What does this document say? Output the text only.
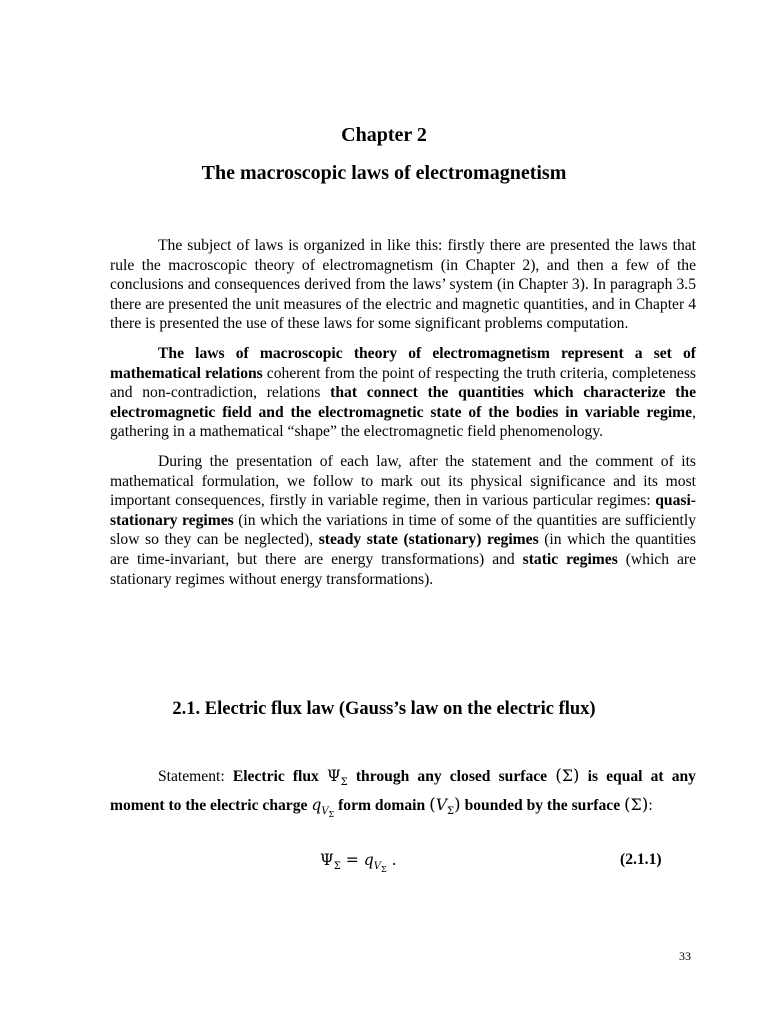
Chapter 2
The macroscopic laws of electromagnetism

The subject of laws is organized in like this: firstly there are presented the laws that rule the macroscopic theory of electromagnetism (in Chapter 2), and then a few of the conclusions and consequences derived from the laws’ system (in Chapter 3). In paragraph 3.5 there are presented the unit measures of the electric and magnetic quantities, and in Chapter 4 there is presented the use of these laws for some significant problems computation.

The laws of macroscopic theory of electromagnetism represent a set of mathematical relations coherent from the point of respecting the truth criteria, completeness and non-contradiction, relations that connect the quantities which characterize the electromagnetic field and the electromagnetic state of the bodies in variable regime, gathering in a mathematical “shape” the electromagnetic field phenomenology.

During the presentation of each law, after the statement and the comment of its mathematical formulation, we follow to mark out its physical significance and its most important consequences, firstly in variable regime, then in various particular regimes: quasi-stationary regimes (in which the variations in time of some of the quantities are sufficiently slow so they can be neglected), steady state (stationary) regimes (in which the quantities are time-invariant, but there are energy transformations) and static regimes (which are stationary regimes without energy transformations).

2.1. Electric flux law (Gauss’s law on the electric flux)

Statement: Electric flux $\Psi_\Sigma$ through any closed surface (Σ) is equal at any moment to the electric charge $q_{V_\Sigma}$ form domain $(V_\Sigma)$ bounded by the surface (Σ):

$\Psi_\Sigma = q_{V_\Sigma}$ .	(2.1.1)
33
